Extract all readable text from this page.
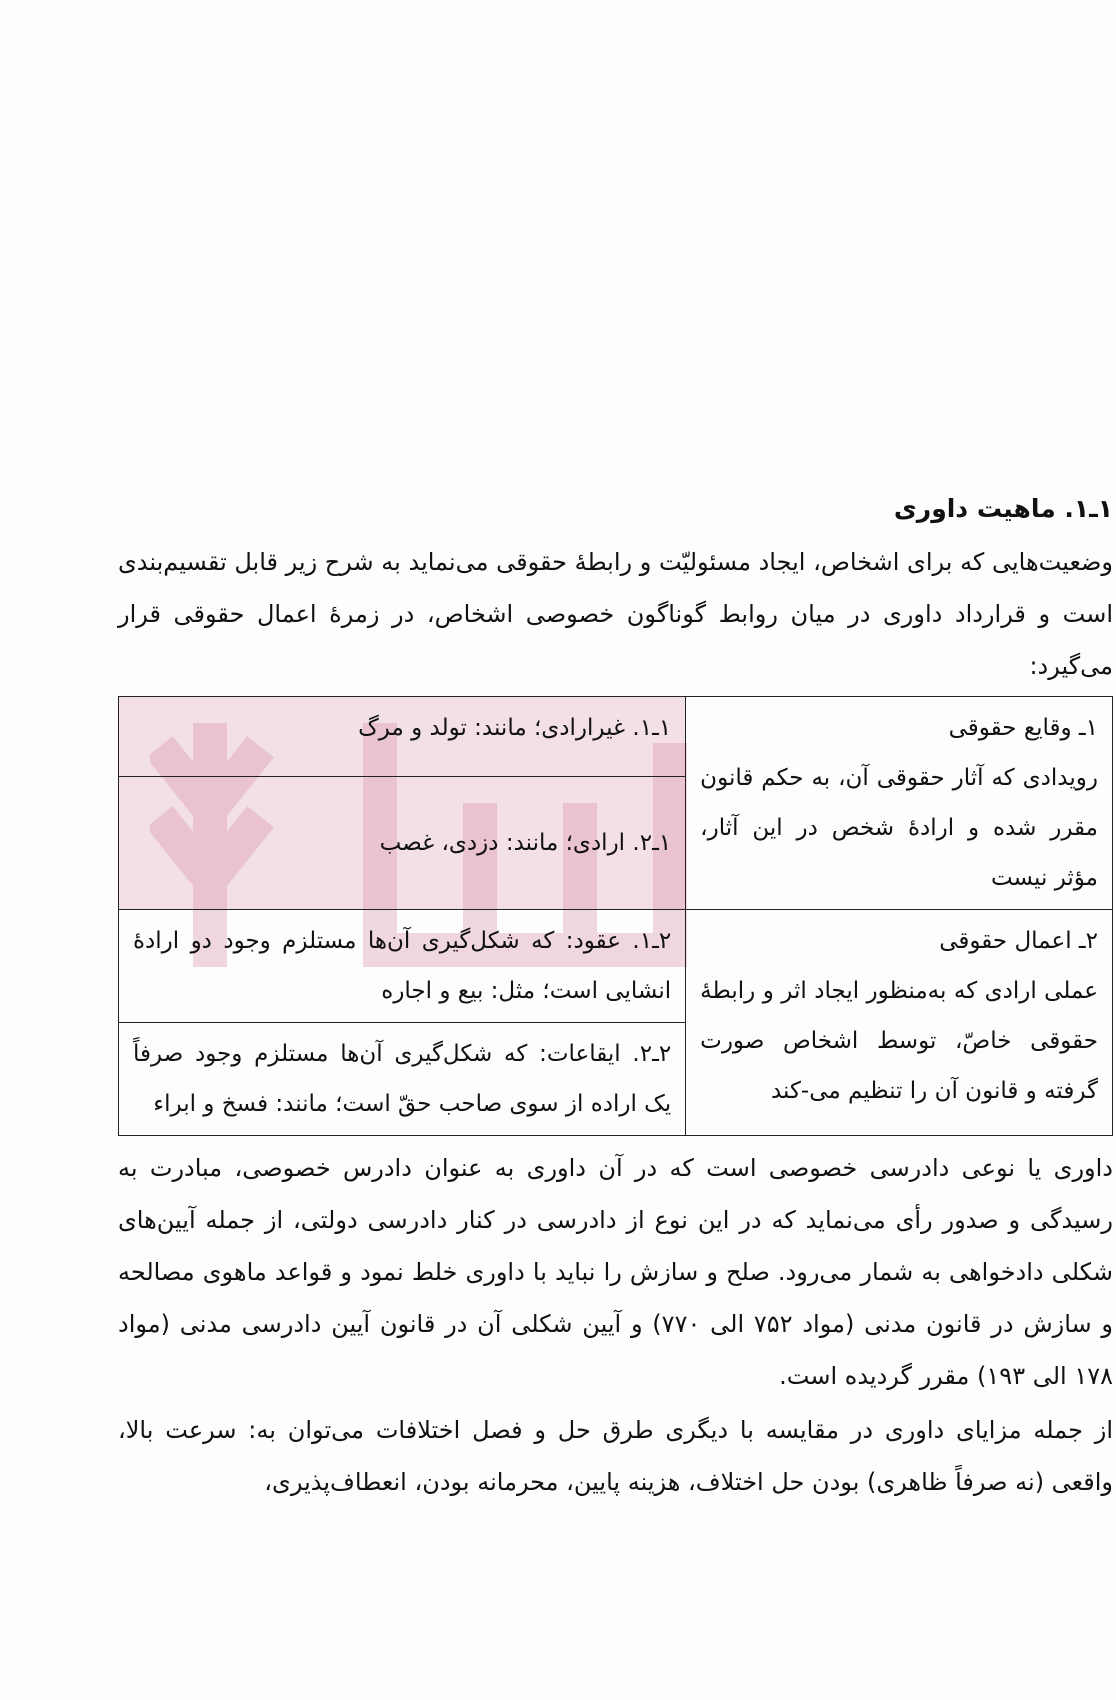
۱ـ۱. ماهیت داوری

وضعیت‌هایی که برای اشخاص، ایجاد مسئولیّت و رابطهٔ حقوقی می‌نماید به شرح زیر قابل تقسیم‌بندی است و قرارداد داوری در میان روابط گوناگون خصوصی اشخاص، در زمرهٔ اعمال حقوقی قرار می‌گیرد:

۱ـ وقایع حقوقی
رویدادی که آثار حقوقی آن، به حکم قانون مقرر شده و ارادهٔ شخص در این آثار، مؤثر نیست	۱ـ۱. غیرارادی؛ مانند: تولد و مرگ
	۱ـ۲. ارادی؛ مانند: دزدی، غصب

۲ـ اعمال حقوقی
عملی ارادی که به‌منظور ایجاد اثر و رابطهٔ حقوقی خاصّ، توسط اشخاص صورت گرفته و قانون آن را تنظیم می-کند	۲ـ۱. عقود: که شکل‌گیری آن‌ها مستلزم وجود دو ارادهٔ انشایی است؛ مثل: بیع و اجاره
	۲ـ۲. ایقاعات: که شکل‌گیری آن‌ها مستلزم وجود صرفاً یک اراده از سوی صاحب حقّ است؛ مانند: فسخ و ابراء

داوری یا نوعی دادرسی خصوصی است که در آن داوری به عنوان دادرس خصوصی، مبادرت به رسیدگی و صدور رأی می‌نماید که در این نوع از دادرسی در کنار دادرسی دولتی، از جمله آیین‌های شکلی دادخواهی به شمار می‌رود. صلح و سازش را نباید با داوری خلط نمود و قواعد ماهوی مصالحه و سازش در قانون مدنی (مواد ۷۵۲ الی ۷۷۰) و آیین شکلی آن در قانون آیین دادرسی مدنی (مواد ۱۷۸ الی ۱۹۳) مقرر گردیده است.

از جمله مزایای داوری در مقایسه با دیگری طرق حل و فصل اختلافات می‌توان به: سرعت بالا، واقعی (نه صرفاً ظاهری) بودن حل اختلاف، هزینه پایین، محرمانه بودن، انعطاف‌پذیری،
